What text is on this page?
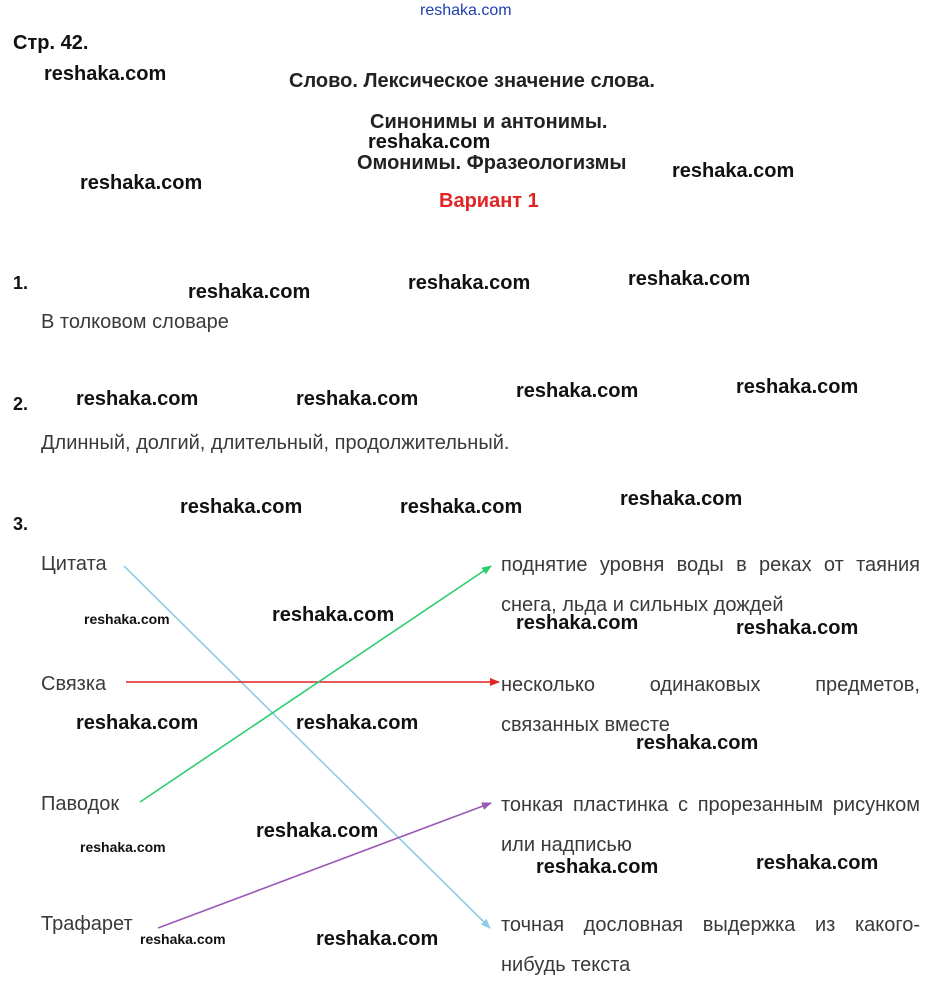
reshaka.com
Стр. 42.
Слово. Лексическое значение слова.
Синонимы и антонимы.
Омонимы. Фразеологизмы
Вариант 1
reshaka.com
reshaka.com
reshaka.com
reshaka.com
reshaka.com	reshaka.com	reshaka.com
reshaka.com	reshaka.com	reshaka.com	reshaka.com
reshaka.com	reshaka.com	reshaka.com
reshaka.com	reshaka.com	reshaka.com
reshaka.com	reshaka.com
reshaka.com
reshaka.com
reshaka.com	reshaka.com
reshaka.com
reshaka.com
reshaka.com
reshaka.com
1.
В толковом словаре
2.
Длинный, долгий, длительный, продолжительный.
3.
Цитата
Связка
Паводок
Трафарет
поднятие уровня воды в реках от таяния снега, льда и сильных дождей
несколько одинаковых предметов, связанных вместе
тонкая пластинка с прорезанным рисунком или надписью
точная дословная выдержка из какого-нибудь текста
